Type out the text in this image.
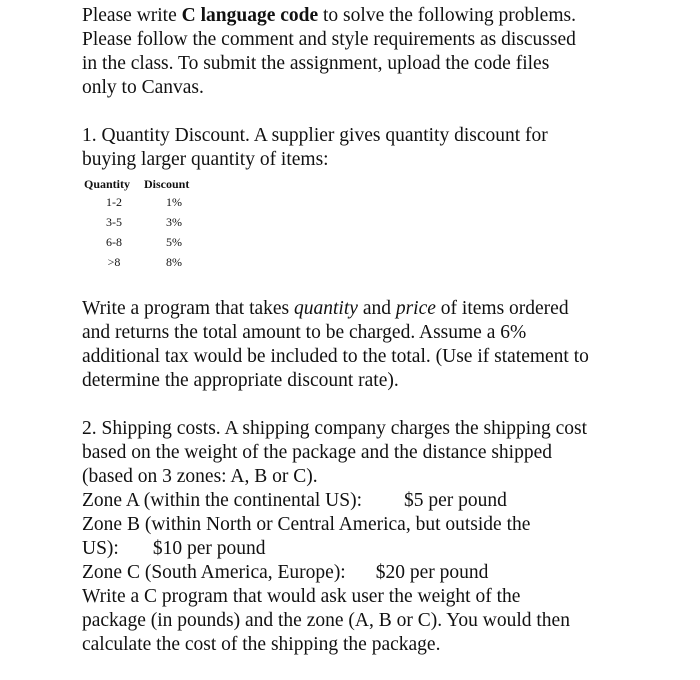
Please write C language code to solve the following problems.
Please follow the comment and style requirements as discussed
in the class. To submit the assignment, upload the code files
only to Canvas.

1. Quantity Discount. A supplier gives quantity discount for
buying larger quantity of items:

Quantity	Discount
1-2	1%
3-5	3%
6-8	5%
>8	8%

Write a program that takes quantity and price of items ordered
and returns the total amount to be charged. Assume a 6%
additional tax would be included to the total. (Use if statement to
determine the appropriate discount rate).

2. Shipping costs. A shipping company charges the shipping cost
based on the weight of the package and the distance shipped
(based on 3 zones: A, B or C).
Zone A (within the continental US): $5 per pound
Zone B (within North or Central America, but outside the
US): $10 per pound
Zone C (South America, Europe): $20 per pound
Write a C program that would ask user the weight of the
package (in pounds) and the zone (A, B or C). You would then
calculate the cost of the shipping the package.
